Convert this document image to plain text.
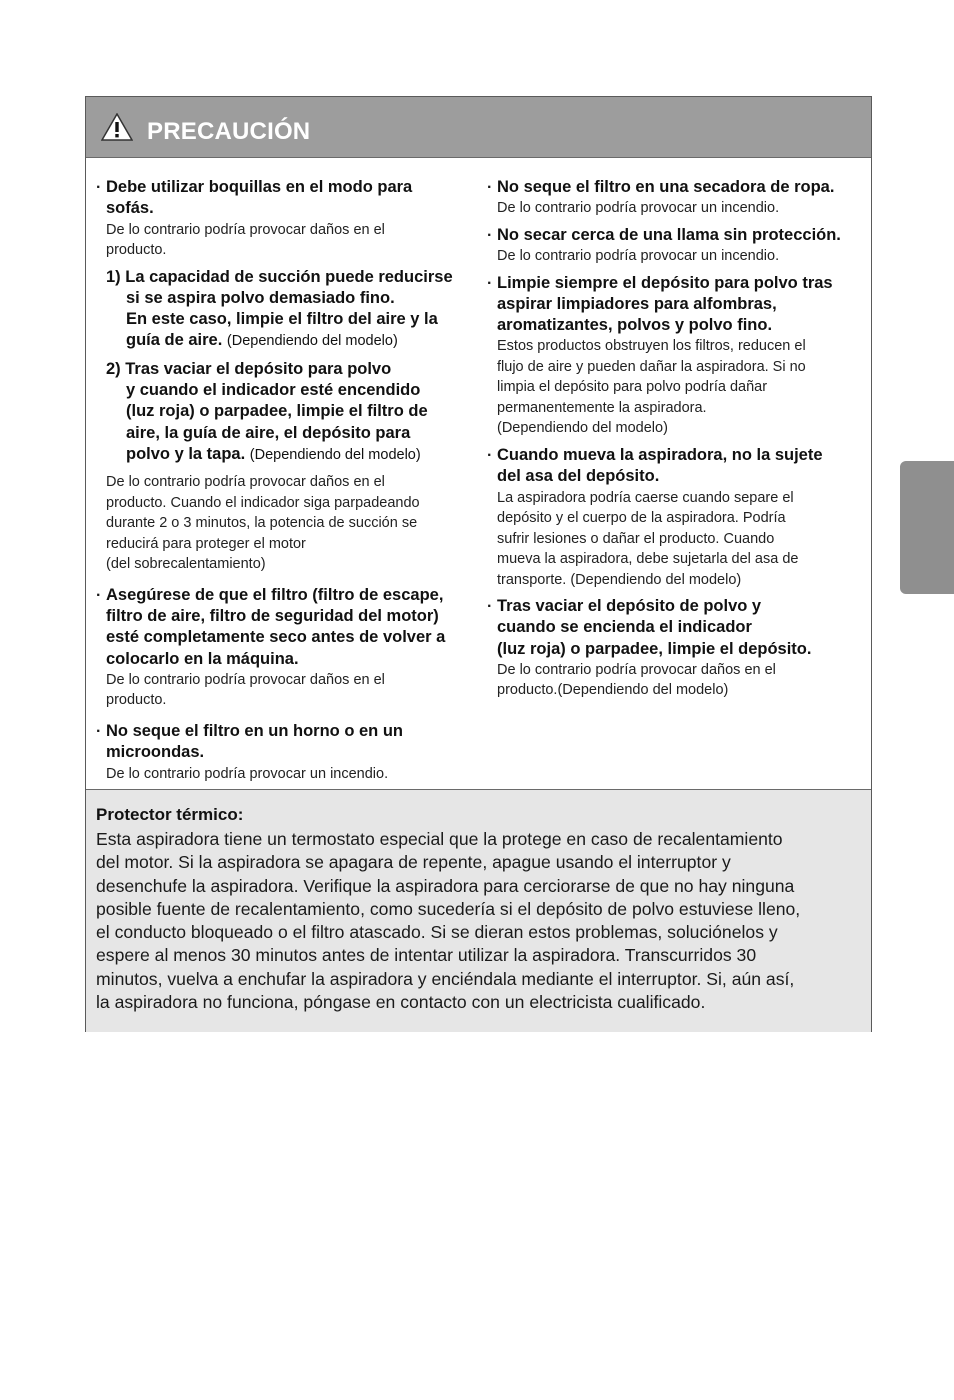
PRECAUCIÓN
· Debe utilizar boquillas en el modo para
sofás.
De lo contrario podría provocar daños en el
producto.
1) La capacidad de succión puede reducirse
si se aspira polvo demasiado fino.
En este caso, limpie el filtro del aire y la
guía de aire. (Dependiendo del modelo)
2) Tras vaciar el depósito para polvo
y cuando el indicador esté encendido
(luz roja) o parpadee, limpie el filtro de
aire, la guía de aire, el depósito para
polvo y la tapa. (Dependiendo del modelo)
De lo contrario podría provocar daños en el
producto. Cuando el indicador siga parpadeando
durante 2 o 3 minutos, la potencia de succión se
reducirá para proteger el motor
(del sobrecalentamiento)
· Asegúrese de que el filtro (filtro de escape,
filtro de aire, filtro de seguridad del motor)
esté completamente seco antes de volver a
colocarlo en la máquina.
De lo contrario podría provocar daños en el
producto.
· No seque el filtro en un horno o en un
microondas.
De lo contrario podría provocar un incendio.
· No seque el filtro en una secadora de ropa.
De lo contrario podría provocar un incendio.
· No secar cerca de una llama sin protección.
De lo contrario podría provocar un incendio.
· Limpie siempre el depósito para polvo tras
aspirar limpiadores para alfombras,
aromatizantes, polvos y polvo fino.
Estos productos obstruyen los filtros, reducen el
flujo de aire y pueden dañar la aspiradora. Si no
limpia el depósito para polvo podría dañar
permanentemente la aspiradora.
(Dependiendo del modelo)
· Cuando mueva la aspiradora, no la sujete
del asa del depósito.
La aspiradora podría caerse cuando separe el
depósito y el cuerpo de la aspiradora. Podría
sufrir lesiones o dañar el producto. Cuando
mueva la aspiradora, debe sujetarla del asa de
transporte. (Dependiendo del modelo)
· Tras vaciar el depósito de polvo y
cuando se encienda el indicador
(luz roja) o parpadee, limpie el depósito.
De lo contrario podría provocar daños en el
producto.(Dependiendo del modelo)
Protector térmico:
Esta aspiradora tiene un termostato especial que la protege en caso de recalentamiento
del motor. Si la aspiradora se apagara de repente, apague usando el interruptor y
desenchufe la aspiradora. Verifique la aspiradora para cerciorarse de que no hay ninguna
posible fuente de recalentamiento, como sucedería si el depósito de polvo estuviese lleno,
el conducto bloqueado o el filtro atascado. Si se dieran estos problemas, soluciónelos y
espere al menos 30 minutos antes de intentar utilizar la aspiradora. Transcurridos 30
minutos, vuelva a enchufar la aspiradora y enciéndala mediante el interruptor. Si, aún así,
la aspiradora no funciona, póngase en contacto con un electricista cualificado.
